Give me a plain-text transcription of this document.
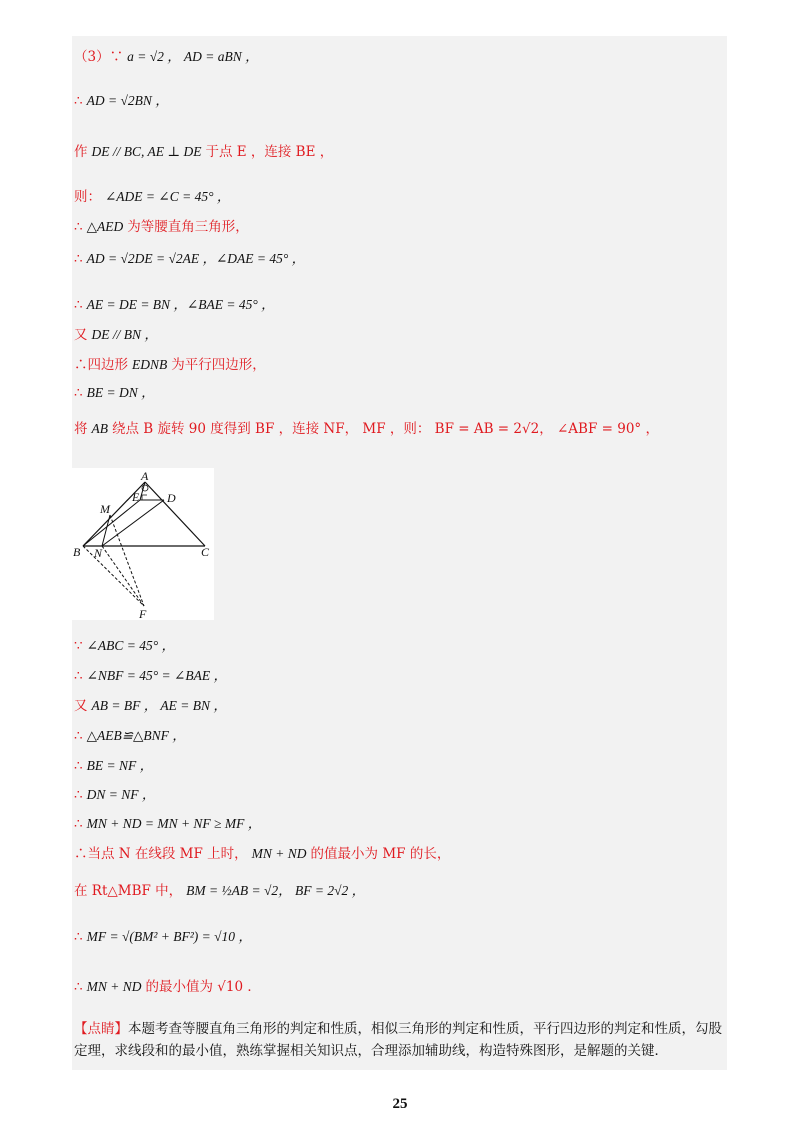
（3）∵ a = √2 ， AD = aBN ，
∴ AD = √2BN ，
作 DE // BC, AE ⊥ DE 于点 E ，连接 BE ，
则： ∠ADE = ∠C = 45° ，
∴ △AED 为等腰直角三角形，
∴ AD = √2DE = √2AE ，∠DAE = 45° ，
∴ AE = DE = BN ，∠BAE = 45° ，
又 DE // BN ，
∴四边形 EDNB 为平行四边形，
∴ BE = DN ，
将 AB 绕点 B 旋转 90 度得到 BF ，连接 NF， MF ，则： BF = AB = 2√2， ∠ABF = 90° ，
∵ ∠ABC = 45° ，
∴ ∠NBF = 45° = ∠BAE ，
又 AB = BF ， AE = BN ，
∴ △AEB≌△BNF ，
∴ BE = NF ，
∴ DN = NF ，
∴ MN + ND = MN + NF ≥ MF ，
∴当点 N 在线段 MF 上时， MN + ND 的值最小为 MF 的长，
在 Rt△MBF 中， BM = ½AB = √2， BF = 2√2 ，
∴ MF = √(BM² + BF²) = √10 ，
∴ MN + ND 的最小值为 √10 ．
【点睛】本题考查等腰直角三角形的判定和性质，相似三角形的判定和性质，平行四边形的判定和性质，勾股定理，求线段和的最小值，熟练掌握相关知识点，合理添加辅助线，构造特殊图形，是解题的关键．
A
B	C
D
E
M
N
F
25
